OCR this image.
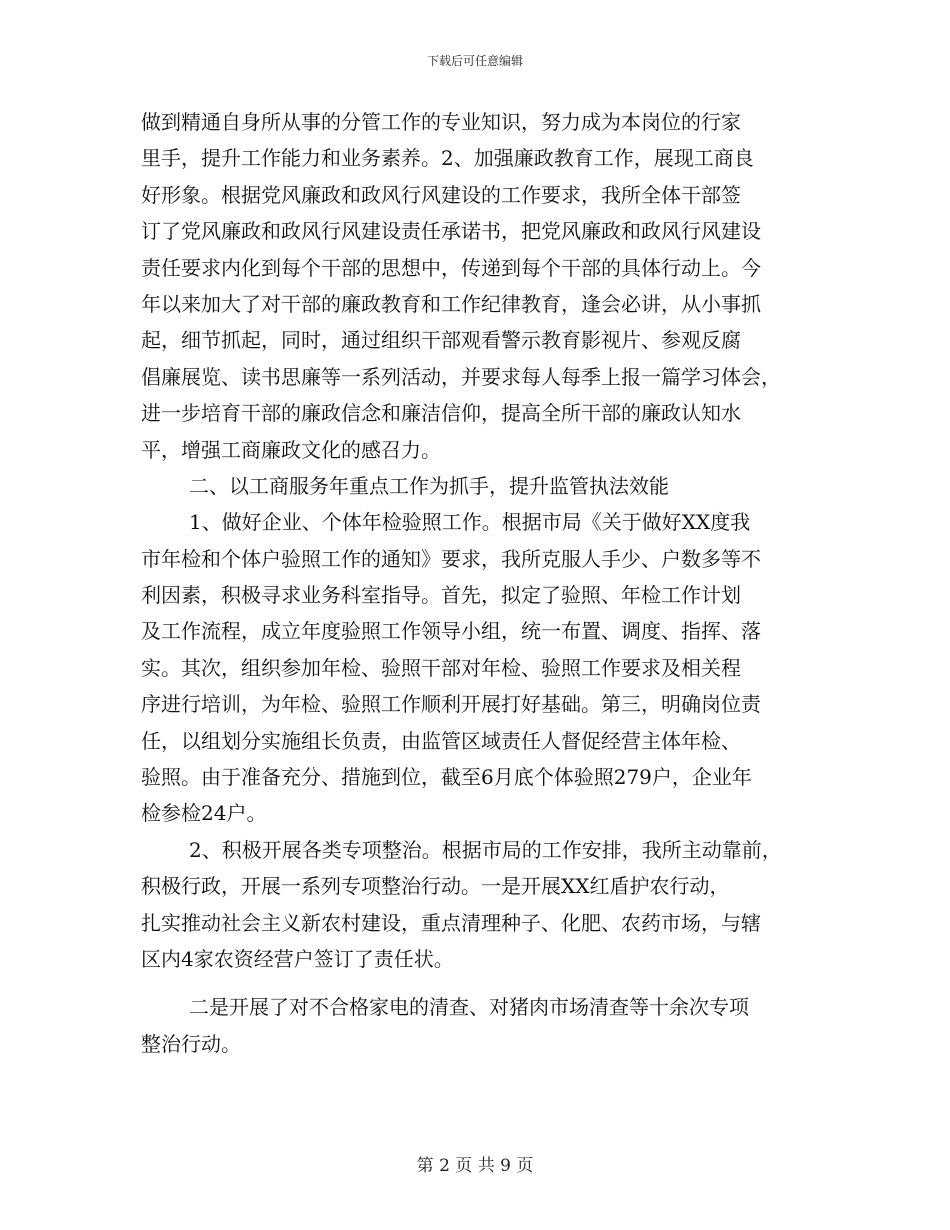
下载后可任意编辑
做到精通自身所从事的分管工作的专业知识，努力成为本岗位的行家
里手，提升工作能力和业务素养。2、加强廉政教育工作，展现工商良
好形象。根据党风廉政和政风行风建设的工作要求，我所全体干部签
订了党风廉政和政风行风建设责任承诺书，把党风廉政和政风行风建设
责任要求内化到每个干部的思想中，传递到每个干部的具体行动上。今
年以来加大了对干部的廉政教育和工作纪律教育，逢会必讲，从小事抓
起，细节抓起，同时，通过组织干部观看警示教育影视片、参观反腐
倡廉展览、读书思廉等一系列活动，并要求每人每季上报一篇学习体会，
进一步培育干部的廉政信念和廉洁信仰，提高全所干部的廉政认知水
平，增强工商廉政文化的感召力。
二、以工商服务年重点工作为抓手，提升监管执法效能
1、做好企业、个体年检验照工作。根据市局《关于做好XX度我
市年检和个体户验照工作的通知》要求，我所克服人手少、户数多等不
利因素，积极寻求业务科室指导。首先，拟定了验照、年检工作计划
及工作流程，成立年度验照工作领导小组，统一布置、调度、指挥、落
实。其次，组织参加年检、验照干部对年检、验照工作要求及相关程
序进行培训，为年检、验照工作顺利开展打好基础。第三，明确岗位责
任，以组划分实施组长负责，由监管区域责任人督促经营主体年检、
验照。由于准备充分、措施到位，截至6月底个体验照279户，企业年
检参检24户。
2、积极开展各类专项整治。根据市局的工作安排，我所主动靠前，
积极行政，开展一系列专项整治行动。一是开展XX红盾护农行动，
扎实推动社会主义新农村建设，重点清理种子、化肥、农药市场，与辖
区内4家农资经营户签订了责任状。
二是开展了对不合格家电的清查、对猪肉市场清查等十余次专项
整治行动。
第 2 页 共 9 页
